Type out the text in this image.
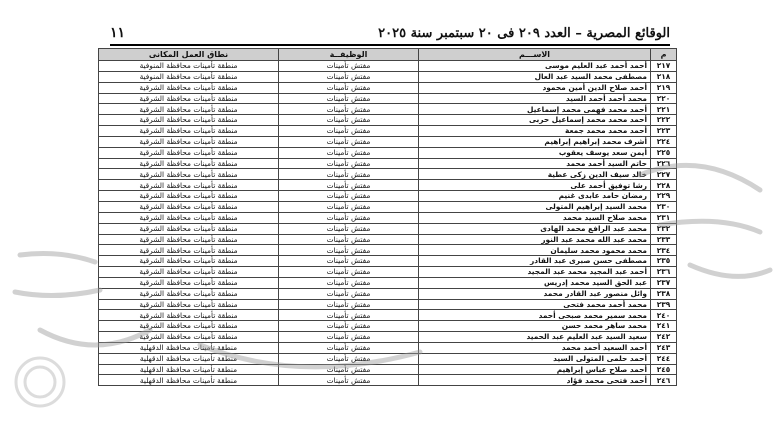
١١	الوقائع المصرية – العدد ٢٠٩ فى ٢٠ سبتمبر سنة ٢٠٢٥
م	الاســـم	الوظيفــة	نطاق العمل المكانى
٢١٧	أحمد أحمد عبد العليم موسى	مفتش تأمينات	منطقة تأمينات محافظة المنوفية
٢١٨	مصطفى محمد السيد عبد العال	مفتش تأمينات	منطقة تأمينات محافظة المنوفية
٢١٩	أحمد صلاح الدين أمين محمود	مفتش تأمينات	منطقة تأمينات محافظة الشرقية
٢٢٠	محمد أحمد أحمد السيد	مفتش تأمينات	منطقة تأمينات محافظة الشرقية
٢٢١	أحمد محمد فهمى محمد إسماعيل	مفتش تأمينات	منطقة تأمينات محافظة الشرقية
٢٢٢	أحمد محمد محمد إسماعيل حربى	مفتش تأمينات	منطقة تأمينات محافظة الشرقية
٢٢٣	أحمد محمد محمد جمعة	مفتش تأمينات	منطقة تأمينات محافظة الشرقية
٢٢٤	أشرف محمد إبراهيم إبراهيم	مفتش تأمينات	منطقة تأمينات محافظة الشرقية
٢٢٥	أيمن سعد يوسف يعقوب	مفتش تأمينات	منطقة تأمينات محافظة الشرقية
٢٢٦	حاتم السيد أحمد محمد	مفتش تأمينات	منطقة تأمينات محافظة الشرقية
٢٢٧	خالد سيف الدين زكى عطية	مفتش تأمينات	منطقة تأمينات محافظة الشرقية
٢٢٨	رشا توفيق أحمد على	مفتش تأمينات	منطقة تأمينات محافظة الشرقية
٢٢٩	رمضان حامد عابدى غنيم	مفتش تأمينات	منطقة تأمينات محافظة الشرقية
٢٣٠	محمد السيد إبراهيم المتولى	مفتش تأمينات	منطقة تأمينات محافظة الشرقية
٢٣١	محمد صلاح السيد محمد	مفتش تأمينات	منطقة تأمينات محافظة الشرقية
٢٣٢	محمد عبد الرافع محمد الهادى	مفتش تأمينات	منطقة تأمينات محافظة الشرقية
٢٣٣	محمد عبد الله محمد عبد النور	مفتش تأمينات	منطقة تأمينات محافظة الشرقية
٢٣٤	محمد محمود محمد سليمان	مفتش تأمينات	منطقة تأمينات محافظة الشرقية
٢٣٥	مصطفى حسن صبرى عبد القادر	مفتش تأمينات	منطقة تأمينات محافظة الشرقية
٢٣٦	أحمد عبد المجيد محمد عبد المجيد	مفتش تأمينات	منطقة تأمينات محافظة الشرقية
٢٣٧	عبد الحق السيد محمد إدريس	مفتش تأمينات	منطقة تأمينات محافظة الشرقية
٢٣٨	وائل منصور عبد القادر محمد	مفتش تأمينات	منطقة تأمينات محافظة الشرقية
٢٣٩	محمد أحمد محمد فتحى	مفتش تأمينات	منطقة تأمينات محافظة الشرقية
٢٤٠	محمد سمير محمد صبحى أحمد	مفتش تأمينات	منطقة تأمينات محافظة الشرقية
٢٤١	محمد ساهر محمد حسن	مفتش تأمينات	منطقة تأمينات محافظة الشرقية
٢٤٢	سعيد السيد عبد العليم عبد الحميد	مفتش تأمينات	منطقة تأمينات محافظة الشرقية
٢٤٣	أحمد السعيد أحمد محمد	مفتش تأمينات	منطقة تأمينات محافظة الدقهلية
٢٤٤	أحمد حلمى المتولى السيد	مفتش تأمينات	منطقة تأمينات محافظة الدقهلية
٢٤٥	أحمد صلاح عباس إبراهيم	مفتش تأمينات	منطقة تأمينات محافظة الدقهلية
٢٤٦	أحمد فتحى محمد فؤاد	مفتش تأمينات	منطقة تأمينات محافظة الدقهلية
